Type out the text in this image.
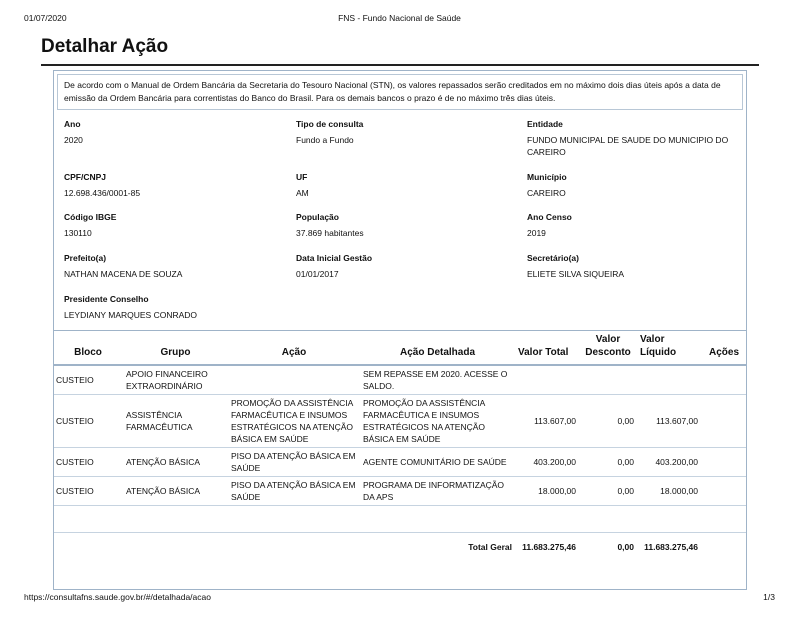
01/07/2020	FNS - Fundo Nacional de Saúde
Detalhar Ação
De acordo com o Manual de Ordem Bancária da Secretaria do Tesouro Nacional (STN), os valores repassados serão creditados em no máximo dois dias úteis após a data de emissão da Ordem Bancária para correntistas do Banco do Brasil. Para os demais bancos o prazo é de no máximo três dias úteis.
Ano
2020
Tipo de consulta
Fundo a Fundo
Entidade
FUNDO MUNICIPAL DE SAUDE DO MUNICIPIO DO CAREIRO
CPF/CNPJ
12.698.436/0001-85
UF
AM
Município
CAREIRO
Código IBGE
130110
População
37.869 habitantes
Ano Censo
2019
Prefeito(a)
NATHAN MACENA DE SOUZA
Data Inicial Gestão
01/01/2017
Secretário(a)
ELIETE SILVA SIQUEIRA
Presidente Conselho
LEYDIANY MARQUES CONRADO
Bloco	Grupo	Ação	Ação Detalhada	Valor Total	Valor Desconto	Valor Líquido	Ações
CUSTEIO	APOIO FINANCEIRO EXTRAORDINÁRIO		SEM REPASSE EM 2020. ACESSE O SALDO.				
CUSTEIO	ASSISTÊNCIA FARMACÊUTICA	PROMOÇÃO DA ASSISTÊNCIA FARMACÊUTICA E INSUMOS ESTRATÉGICOS NA ATENÇÃO BÁSICA EM SAÚDE	PROMOÇÃO DA ASSISTÊNCIA FARMACÊUTICA E INSUMOS ESTRATÉGICOS NA ATENÇÃO BÁSICA EM SAÚDE	113.607,00	0,00	113.607,00	
CUSTEIO	ATENÇÃO BÁSICA	PISO DA ATENÇÃO BÁSICA EM SAÚDE	AGENTE COMUNITÁRIO DE SAÚDE	403.200,00	0,00	403.200,00	
CUSTEIO	ATENÇÃO BÁSICA	PISO DA ATENÇÃO BÁSICA EM SAÚDE	PROGRAMA DE INFORMATIZAÇÃO DA APS	18.000,00	0,00	18.000,00	

Total Geral				11.683.275,46	0,00	11.683.275,46	
https://consultafns.saude.gov.br/#/detalhada/acao	1/3
